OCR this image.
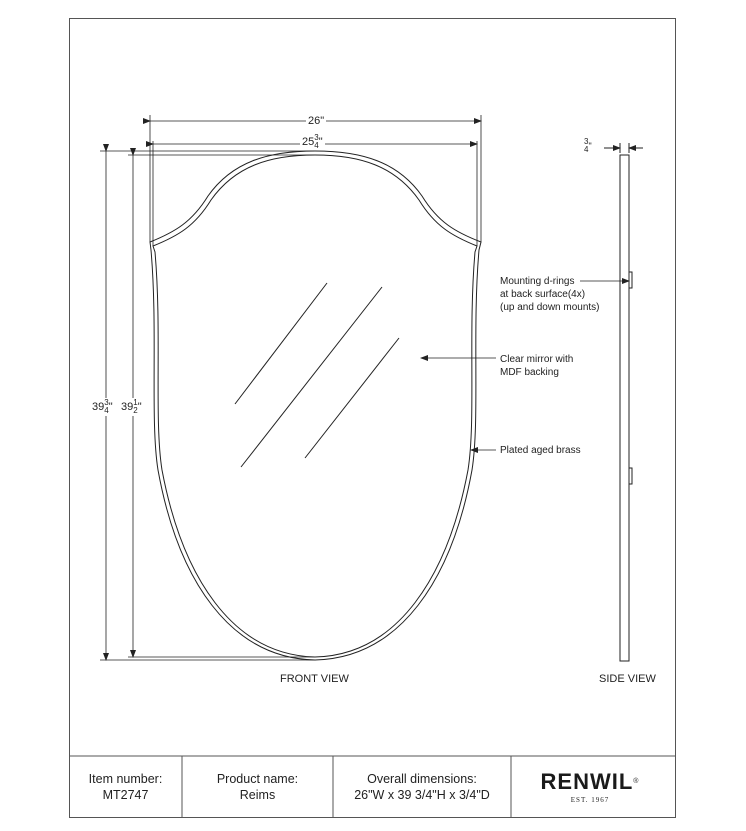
26"
25 3
4 "
39 3
4 " 39 1
2 "
3
4 "
Mounting d-rings
at back surface(4x)
(up and down mounts)
Clear mirror with
MDF backing
Plated aged brass
FRONT VIEW	SIDE VIEW
Item number:
MT2747
Product name:
Reims
Overall dimensions:
26"W x 39 3/4"H x 3/4"D
RENWIL®
EST. 1967
